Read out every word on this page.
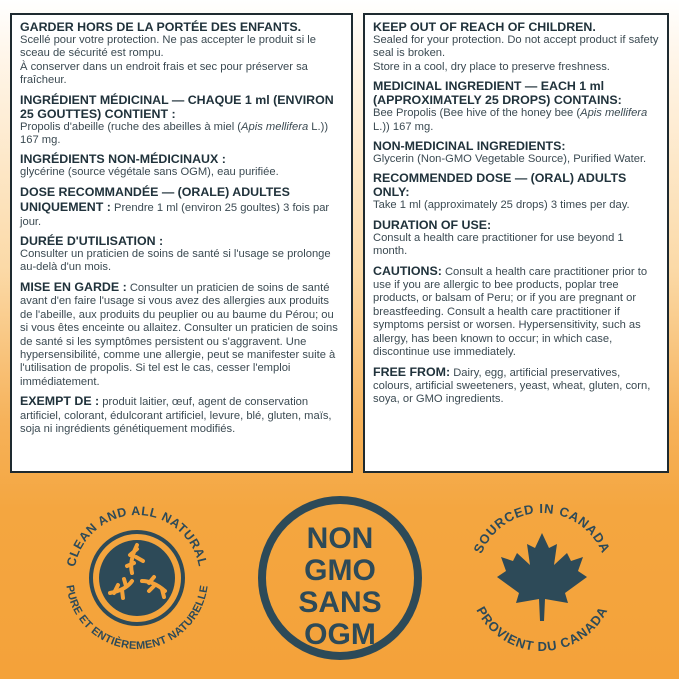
GARDER HORS DE LA PORTÉE DES ENFANTS.
Scellé pour votre protection. Ne pas accepter le produit si le sceau de sécurité est rompu.
À conserver dans un endroit frais et sec pour préserver sa fraîcheur.
INGRÉDIENT MÉDICINAL — CHAQUE 1 ml (ENVIRON 25 GOUTTES) CONTIENT :
Propolis d'abeille (ruche des abeilles à miel (Apis mellifera L.)) 167 mg.
INGRÉDIENTS NON-MÉDICINAUX :
glycérine (source végétale sans OGM), eau purifiée.
DOSE RECOMMANDÉE — (ORALE) ADULTES UNIQUEMENT : Prendre 1 ml (environ 25 goultes) 3 fois par jour.
DURÉE D'UTILISATION :
Consulter un praticien de soins de santé si l'usage se prolonge au-delà d'un mois.
MISE EN GARDE : Consulter un praticien de soins de santé avant d'en faire l'usage si vous avez des allergies aux produits de l'abeille, aux produits du peuplier ou au baume du Pérou; ou si vous êtes enceinte ou allaitez. Consulter un praticien de soins de santé si les symptômes persistent ou s'aggravent. Une hypersensibilité, comme une allergie, peut se manifester suite à l'utilisation de propolis. Si tel est le cas, cesser l'emploi immédiatement.
EXEMPT DE : produit laitier, œuf, agent de conservation artificiel, colorant, édulcorant artificiel, levure, blé, gluten, maïs, soja ni ingrédients génétiquement modifiés.
KEEP OUT OF REACH OF CHILDREN.
Sealed for your protection. Do not accept product if safety seal is broken.
Store in a cool, dry place to preserve freshness.
MEDICINAL INGREDIENT — EACH 1 ml (APPROXIMATELY 25 DROPS) CONTAINS:
Bee Propolis (Bee hive of the honey bee (Apis mellifera L.)) 167 mg.
NON-MEDICINAL INGREDIENTS:
Glycerin (Non-GMO Vegetable Source), Purified Water.
RECOMMENDED DOSE — (ORAL) ADULTS ONLY:
Take 1 ml (approximately 25 drops) 3 times per day.
DURATION OF USE:
Consult a health care practitioner for use beyond 1 month.
CAUTIONS: Consult a health care practitioner prior to use if you are allergic to bee products, poplar tree products, or balsam of Peru; or if you are pregnant or breastfeeding. Consult a health care practitioner if symptoms persist or worsen. Hypersensitivity, such as allergy, has been known to occur; in which case, discontinue use immediately.
FREE FROM: Dairy, egg, artificial preservatives, colours, artificial sweeteners, yeast, wheat, gluten, corn, soya, or GMO ingredients.
CLEAN AND ALL NATURAL
PURE ET ENTIÈREMENT NATURELLE
NON
GMO
SANS
OGM
SOURCED IN CANADA
PROVIENT DU CANADA
